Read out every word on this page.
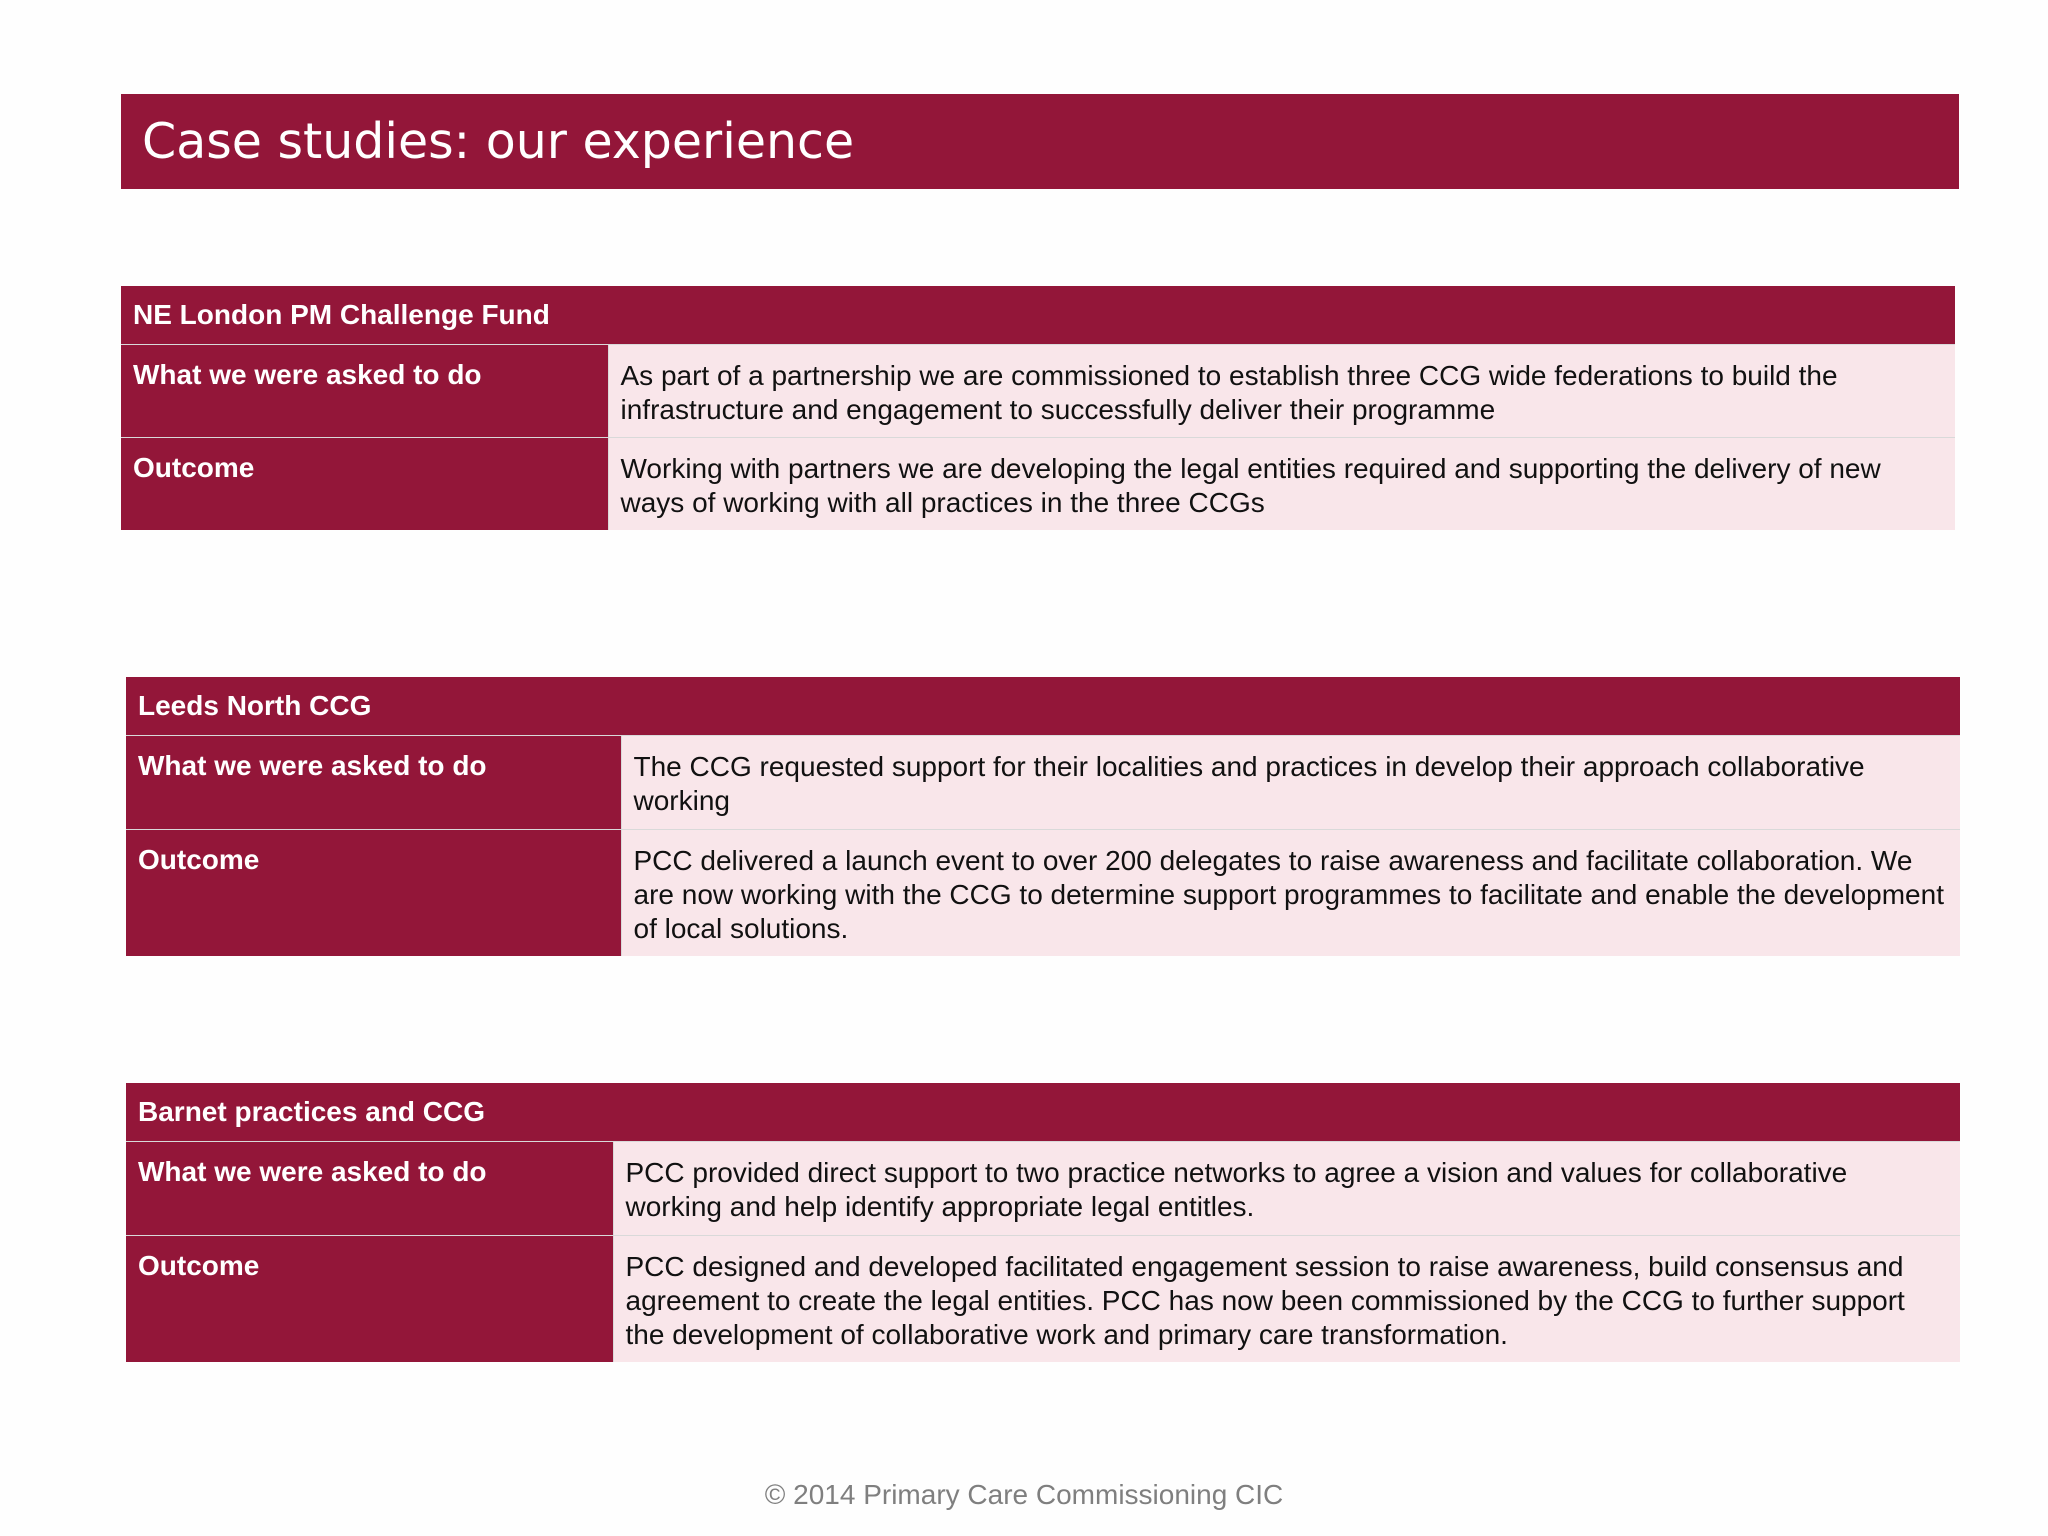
Case studies: our experience
NE London PM Challenge Fund	
What we were asked to do	As part of a partnership we are commissioned to establish three CCG wide federations to build the infrastructure and engagement to successfully deliver their programme
Outcome	Working with partners we are developing the legal entities required and supporting the delivery of new ways of working with all practices in the three CCGs
Leeds North CCG	
What we were asked to do	The CCG requested support for their localities and practices in develop their approach collaborative working
Outcome	PCC delivered a launch event to over 200 delegates to raise awareness and facilitate collaboration. We are now working with the CCG to determine support programmes to facilitate and enable the development of local solutions.
Barnet practices and CCG	
What we were asked to do	PCC provided direct support to two practice networks to agree a vision and values for collaborative working and help identify appropriate legal entitles.
Outcome	PCC designed and developed facilitated engagement session to raise awareness, build consensus and agreement to create the legal entities. PCC has now been commissioned by the CCG to further support the development of collaborative work and primary care transformation.
© 2014 Primary Care Commissioning CIC
